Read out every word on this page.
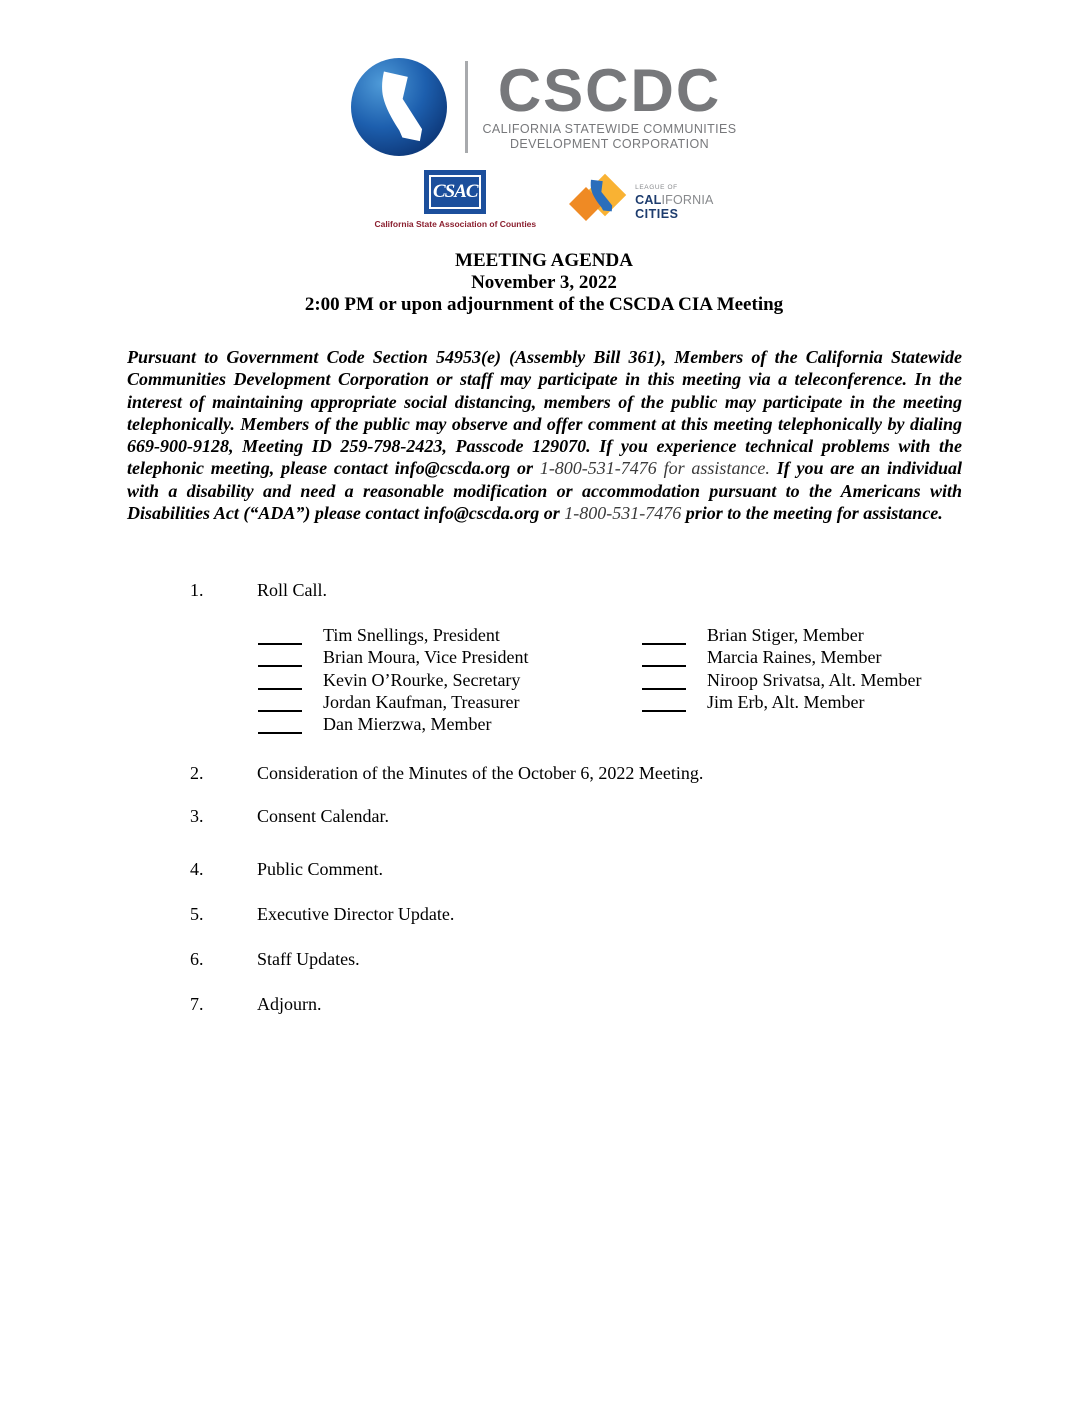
CSCDC
CALIFORNIA STATEWIDE COMMUNITIES
DEVELOPMENT CORPORATION
CSAC
California State Association of Counties
LEAGUE OF
CALIFORNIA
CITIES
MEETING AGENDA
November 3, 2022
2:00 PM or upon adjournment of the CSCDA CIA Meeting

Pursuant to Government Code Section 54953(e) (Assembly Bill 361), Members of the California Statewide Communities Development Corporation or staff may participate in this meeting via a teleconference. In the interest of maintaining appropriate social distancing, members of the public may participate in the meeting telephonically. Members of the public may observe and offer comment at this meeting telephonically by dialing 669-900-9128, Meeting ID 259-798-2423, Passcode 129070. If you experience technical problems with the telephonic meeting, please contact info@cscda.org or 1-800-531-7476 for assistance. If you are an individual with a disability and need a reasonable modification or accommodation pursuant to the Americans with Disabilities Act (“ADA”) please contact info@cscda.org or 1-800-531-7476 prior to the meeting for assistance.

1.	Roll Call.
Tim Snellings, President
Brian Moura, Vice President
Kevin O’Rourke, Secretary
Jordan Kaufman, Treasurer
Dan Mierzwa, Member
Brian Stiger, Member
Marcia Raines, Member
Niroop Srivatsa, Alt. Member
Jim Erb, Alt. Member
2.	Consideration of the Minutes of the October 6, 2022 Meeting.
3.	Consent Calendar.
4.	Public Comment.
5.	Executive Director Update.
6.	Staff Updates.
7.	Adjourn.
